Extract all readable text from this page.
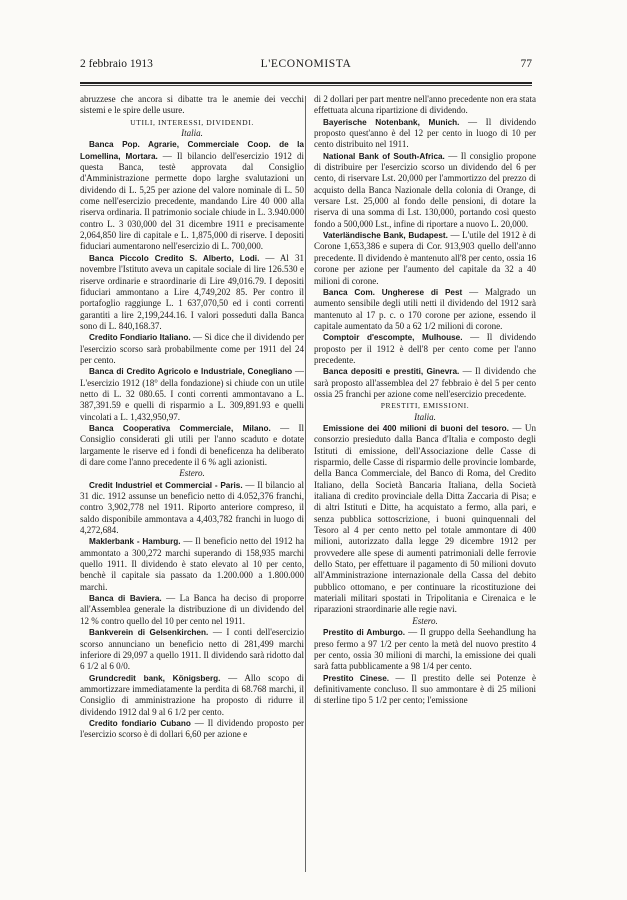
2 febbraio 1913	L'ECONOMISTA	77

abruzzese che ancora si dibatte tra le anemie dei vecchi sistemi e le spire delle usure.

UTILI, INTERESSI, DIVIDENDI.

Italia.

Banca Pop. Agrarie, Commerciale Coop. de la Lomellina, Mortara. — Il bilancio dell'esercizio 1912 di questa Banca, testè approvata dal Consiglio d'Amministrazione permette dopo larghe svalutazioni un dividendo di L. 5,25 per azione del valore nominale di L. 50 come nell'esercizio precedente, mandando Lire 40 000 alla riserva ordinaria. Il patrimonio sociale chiude in L. 3.940.000 contro L. 3 030,000 del 31 dicembre 1911 e precisamente 2,064,850 lire di capitale e L. 1,875,000 di riserve. I depositi fiduciari aumentarono nell'esercizio di L. 700,000.

Banca Piccolo Credito S. Alberto, Lodi. — Al 31 novembre l'Istituto aveva un capitale sociale di lire 126.530 e riserve ordinarie e straordinarie di Lire 49,016.79. I depositi fiduciari ammontano a Lire 4,749,202 85. Per contro il portafoglio raggiunge L. 1 637,070,50 ed i conti correnti garantiti a lire 2,199,244.16. I valori posseduti dalla Banca sono di L. 840,168.37.

Credito Fondiario Italiano. — Si dice che il dividendo per l'esercizio scorso sarà probabilmente come per 1911 del 24 per cento.

Banca di Credito Agricolo e Industriale, Conegliano — L'esercizio 1912 (18° della fondazione) si chiude con un utile netto di L. 32 080.65. I conti correnti ammontavano a L. 387,391.59 e quelli di risparmio a L. 309,891.93 e quelli vincolati a L. 1,432,950,97.

Banca Cooperativa Commerciale, Milano. — Il Consiglio considerati gli utili per l'anno scaduto e dotate largamente le riserve ed i fondi di beneficenza ha deliberato di dare come l'anno precedente il 6 % agli azionisti.

Estero.

Credit Industriel et Commercial - Paris. — Il bilancio al 31 dic. 1912 assunse un beneficio netto di 4.052,376 franchi, contro 3,902,778 nel 1911. Riporto anteriore compreso, il saldo disponibile ammontava a 4,403,782 franchi in luogo di 4,272,684.

Maklerbank - Hamburg. — Il beneficio netto del 1912 ha ammontato a 300,272 marchi superando di 158,935 marchi quello 1911. Il dividendo è stato elevato al 10 per cento, benchè il capitale sia passato da 1.200.000 a 1.800.000 marchi.

Banca di Baviera. — La Banca ha deciso di proporre all'Assemblea generale la distribuzione di un dividendo del 12 % contro quello del 10 per cento nel 1911.

Bankverein di Gelsenkirchen. — I conti dell'esercizio scorso annunciano un beneficio netto di 281,499 marchi inferiore di 29,097 a quello 1911. Il dividendo sarà ridotto dal 6 1/2 al 6 0/0.

Grundcredit bank, Königsberg. — Allo scopo di ammortizzare immediatamente la perdita di 68.768 marchi, il Consiglio di amministrazione ha proposto di ridurre il dividendo 1912 dal 9 al 6 1/2 per cento.

Credito fondiario Cubano — Il dividendo proposto per l'esercizio scorso è di dollari 6,60 per azione e

di 2 dollari per part mentre nell'anno precedente non era stata effettuata alcuna ripartizione di dividendo.

Bayerische Notenbank, Munich. — Il dividendo proposto quest'anno è del 12 per cento in luogo di 10 per cento distribuito nel 1911.

National Bank of South-Africa. — Il consiglio propone di distribuire per l'esercizio scorso un dividendo del 6 per cento, di riservare Lst. 20,000 per l'ammortizzo del prezzo di acquisto della Banca Nazionale della colonia di Orange, di versare Lst. 25,000 al fondo delle pensioni, di dotare la riserva di una somma di Lst. 130,000, portando così questo fondo a 500,000 Lst., infine di riportare a nuovo L. 20,000.

Vaterländische Bank, Budapest. — L'utile del 1912 è di Corone 1,653,386 e supera di Cor. 913,903 quello dell'anno precedente. Il dividendo è mantenuto all'8 per cento, ossia 16 corone per azione per l'aumento del capitale da 32 a 40 milioni di corone.

Banca Com. Ungherese di Pest — Malgrado un aumento sensibile degli utili netti il dividendo del 1912 sarà mantenuto al 17 p. c. o 170 corone per azione, essendo il capitale aumentato da 50 a 62 1/2 milioni di corone.

Comptoir d'escompte, Mulhouse. — Il dividendo proposto per il 1912 è dell'8 per cento come per l'anno precedente.

Banca depositi e prestiti, Ginevra. — Il dividendo che sarà proposto all'assemblea del 27 febbraio è del 5 per cento ossia 25 franchi per azione come nell'esercizio precedente.

PRESTITI, EMISSIONI.

Italia.

Emissione dei 400 milioni di buoni del tesoro. — Un consorzio presieduto dalla Banca d'Italia e composto degli Istituti di emissione, dell'Associazione delle Casse di risparmio, delle Casse di risparmio delle provincie lombarde, della Banca Commerciale, del Banco di Roma, del Credito Italiano, della Società Bancaria Italiana, della Società italiana di credito provinciale della Ditta Zaccaria di Pisa; e di altri Istituti e Ditte, ha acquistato a fermo, alla pari, e senza pubblica sottoscrizione, i buoni quinquennali del Tesoro al 4 per cento netto pel totale ammontare di 400 milioni, autorizzato dalla legge 29 dicembre 1912 per provvedere alle spese di aumenti patrimoniali delle ferrovie dello Stato, per effettuare il pagamento di 50 milioni dovuto all'Amministrazione internazionale della Cassa del debito pubblico ottomano, e per continuare la ricostituzione dei materiali militari spostati in Tripolitania e Cirenaica e le riparazioni straordinarie alle regie navi.

Estero.

Prestito di Amburgo. — Il gruppo della Seehandlung ha preso fermo a 97 1/2 per cento la metà del nuovo prestito 4 per cento, ossia 30 milioni di marchi, la emissione dei quali sarà fatta pubblicamente a 98 1/4 per cento.

Prestito Cinese. — Il prestito delle sei Potenze è definitivamente concluso. Il suo ammontare è di 25 milioni di sterline tipo 5 1/2 per cento; l'emissione
